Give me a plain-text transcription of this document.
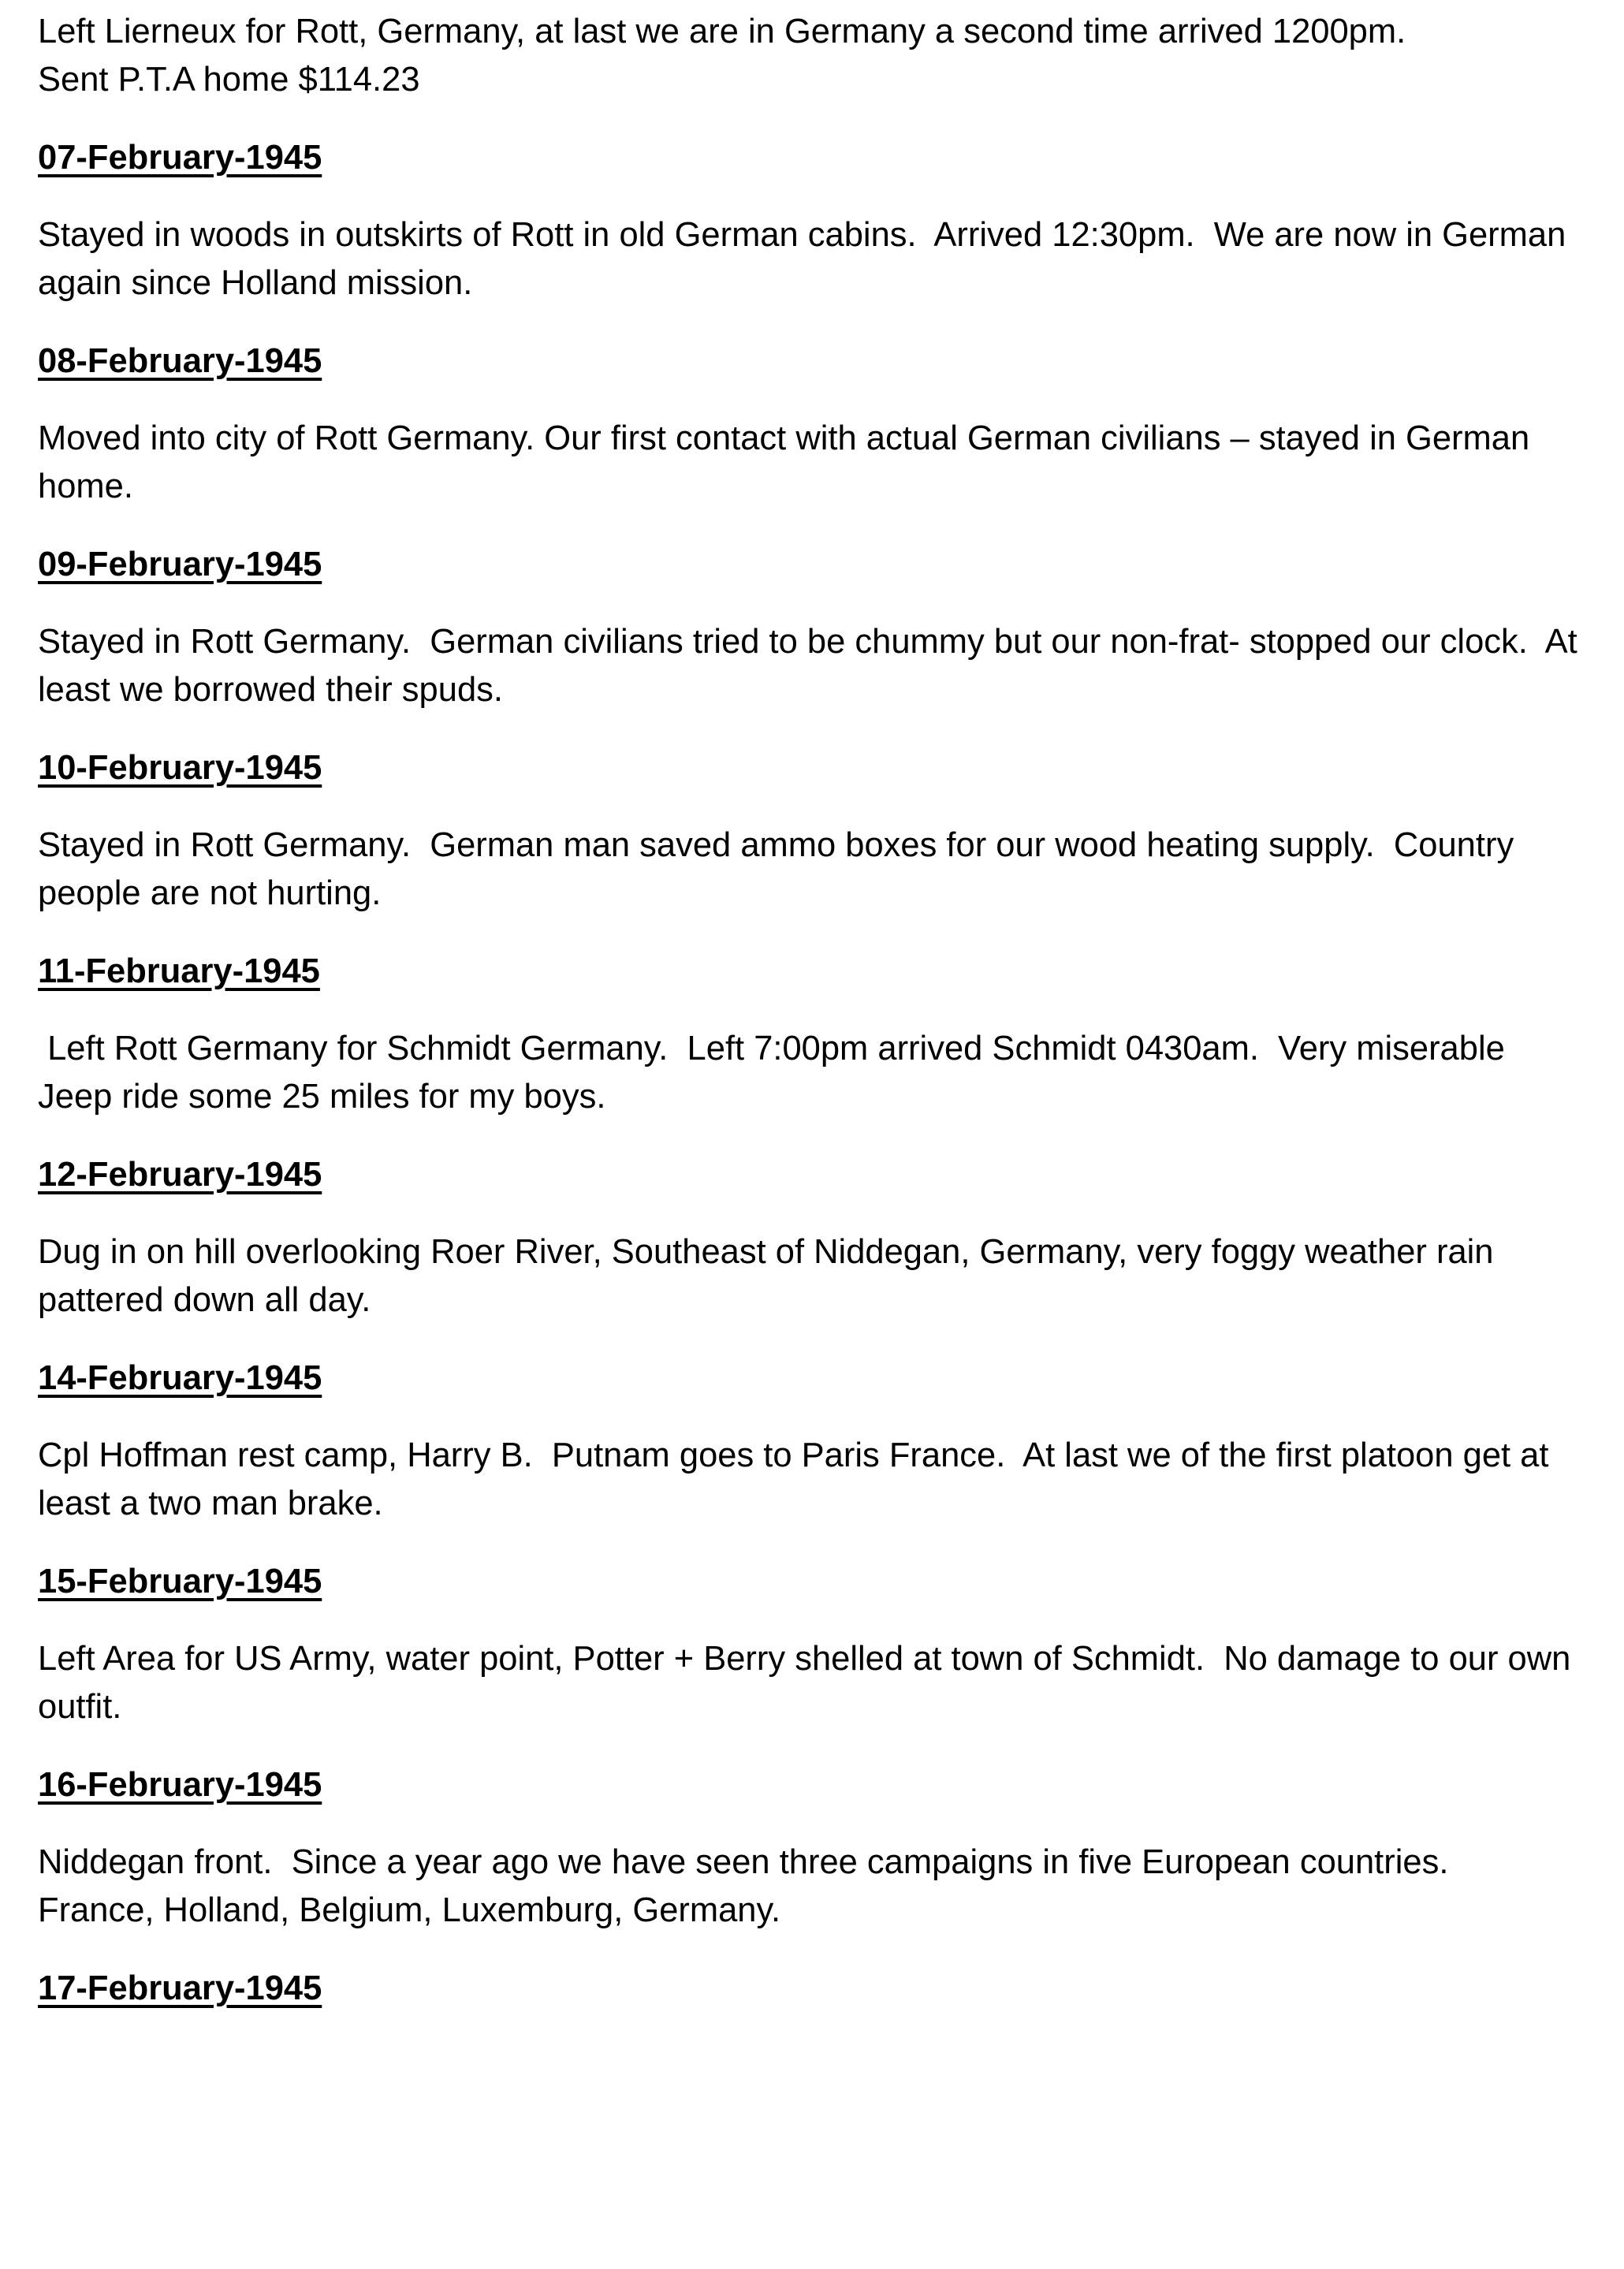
Left Lierneux for Rott, Germany, at last we are in Germany a second time arrived 1200pm.
Sent P.T.A home $114.23

07-February-1945

Stayed in woods in outskirts of Rott in old German cabins.  Arrived 12:30pm.  We are now in German again since Holland mission.

08-February-1945

Moved into city of Rott Germany. Our first contact with actual German civilians – stayed in German home.

09-February-1945

Stayed in Rott Germany.  German civilians tried to be chummy but our non-frat- stopped our clock.  At least we borrowed their spuds.

10-February-1945

Stayed in Rott Germany.  German man saved ammo boxes for our wood heating supply.  Country people are not hurting.

11-February-1945

Left Rott Germany for Schmidt Germany.  Left 7:00pm arrived Schmidt 0430am.  Very miserable Jeep ride some 25 miles for my boys.

12-February-1945

Dug in on hill overlooking Roer River, Southeast of Niddegan, Germany, very foggy weather rain pattered down all day.

14-February-1945

Cpl Hoffman rest camp, Harry B.  Putnam goes to Paris France.  At last we of the first platoon get at least a two man brake.

15-February-1945

Left Area for US Army, water point, Potter + Berry shelled at town of Schmidt.  No damage to our own outfit.

16-February-1945

Niddegan front.  Since a year ago we have seen three campaigns in five European countries.  France, Holland, Belgium, Luxemburg, Germany.

17-February-1945
